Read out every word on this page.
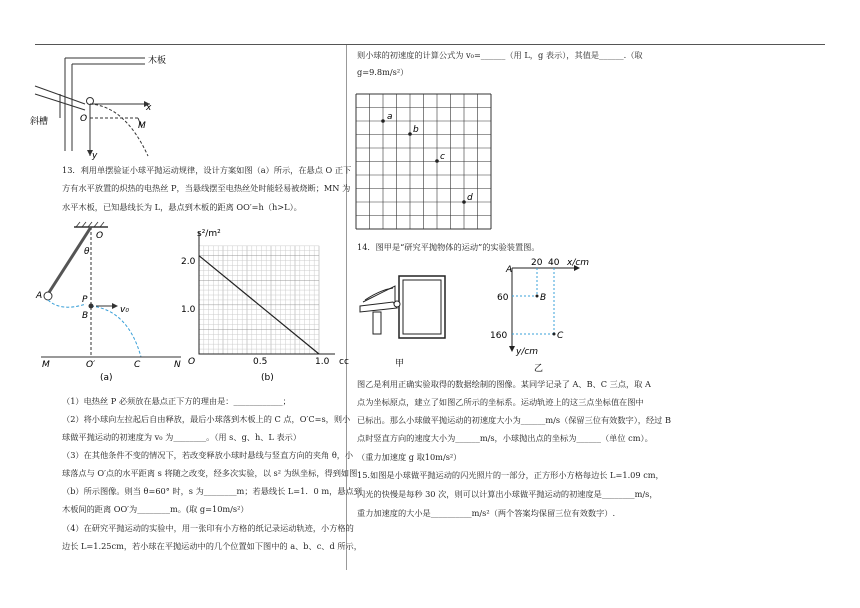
木板
斜槽	O
x
y
M
13．利用单摆验证小球平抛运动规律，设计方案如图（a）所示，在悬点 O 正下
方有水平放置的炽热的电热丝 P，当悬线摆至电热丝处时能轻易被烧断；MN 为
水平木板，已知悬线长为 L，悬点到木板的距离 OO′=h（h>L）。
O
θ
A	P
B
v₀
M	O′	C	N
(a)
s²/m²
2.0
1.0
O	0.5	1.0 cc
(b)
（1）电热丝 P 必须放在悬点正下方的理由是：____________；
（2）将小球向左拉起后自由释放，最后小球落到木板上的 C 点，O′C=s，则小
球做平抛运动的初速度为 v₀ 为________。（用 s、g、h、L 表示）
（3）在其他条件不变的情况下，若改变释放小球时悬线与竖直方向的夹角 θ，小
球落点与 O′点的水平距离 s 将随之改变，经多次实验，以 s² 为纵坐标，得到如图
（b）所示图像。则当 θ=60° 时，s 为________m；若悬线长 L=1．0 m，悬点到
木板间的距离 OO′为________m。(取 g=10m/s²）
（4）在研究平抛运动的实验中，用一张印有小方格的纸记录运动轨迹，小方格的
边长 L=1.25cm，若小球在平抛运动中的几个位置如下图中的 a、b、c、d 所示，
则小球的初速度的计算公式为 v₀=______（用 L，g 表示），其值是______.（取
g=9.8m/s²）
a
b
c
d
14．图甲是“研究平抛物体的运动”的实验装置图。
甲
A
20 40 x/cm
60
160
y/cm
B
C
乙
图乙是利用正确实验取得的数据绘制的图像。某同学记录了 A、B、C 三点，取 A
点为坐标原点，建立了如图乙所示的坐标系。运动轨迹上的这三点坐标值在图中
已标出。那么小球做平抛运动的初速度大小为______m/s（保留三位有效数字），经过 B
点时竖直方向的速度大小为______m/s，小球抛出点的坐标为______（单位 cm）。
（重力加速度 g 取10m/s²）
15.如图是小球做平抛运动的闪光照片的一部分，正方形小方格每边长 L=1.09 cm，
闪光的快慢是每秒 30 次，则可以计算出小球做平抛运动的初速度是________m/s，
重力加速度的大小是__________m/s²（两个答案均保留三位有效数字）.
